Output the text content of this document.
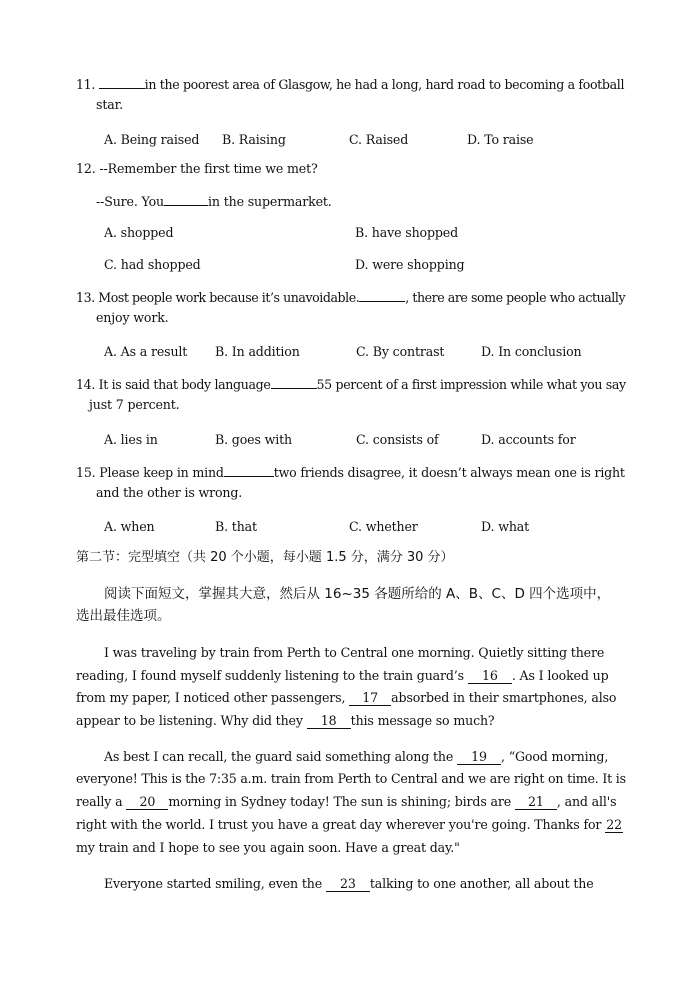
11.	in the poorest area of Glasgow, he had a long, hard road to becoming a football
star.
A. Being raised B. Raising	C. Raised	D. To raise
12. --Remember the first time we met?
--Sure. You	in the supermarket.
A. shopped	B. have shopped
C. had shopped	D. were shopping
13. Most people work because it’s unavoidable.	, there are some people who actually
enjoy work.
A. As a result B. In addition	C. By contrast	D. In conclusion
14. It is said that body language	55 percent of a first impression while what you say
just 7 percent.
A. lies in	B. goes with	C. consists of	D. accounts for
15. Please keep in mind	two friends disagree, it doesn’t always mean one is right
and the other is wrong.
A. when	B. that	C. whether	D. what
第二节：完型填空（共 20 个小题，每小题 1.5 分，满分 30 分）
阅读下面短文，掌握其大意，然后从 16~35 各题所给的 A、B、C、D 四个选项中，
选出最佳选项。
I was traveling by train from Perth to Central one morning. Quietly sitting there
reading, I found myself suddenly listening to the train guard’s 16 . As I looked up
from my paper, I noticed other passengers, 17 absorbed in their smartphones, also
appear to be listening. Why did they 18 this message so much?
As best I can recall, the guard said something along the 19 , “Good morning,
everyone! This is the 7:35 a.m. train from Perth to Central and we are right on time. It is
really a 20 morning in Sydney today! The sun is shining; birds are 21 , and all's
right with the world. I trust you have a great day wherever you're going. Thanks for 22
my train and I hope to see you again soon. Have a great day."
Everyone started smiling, even the 23 talking to one another, all about the
